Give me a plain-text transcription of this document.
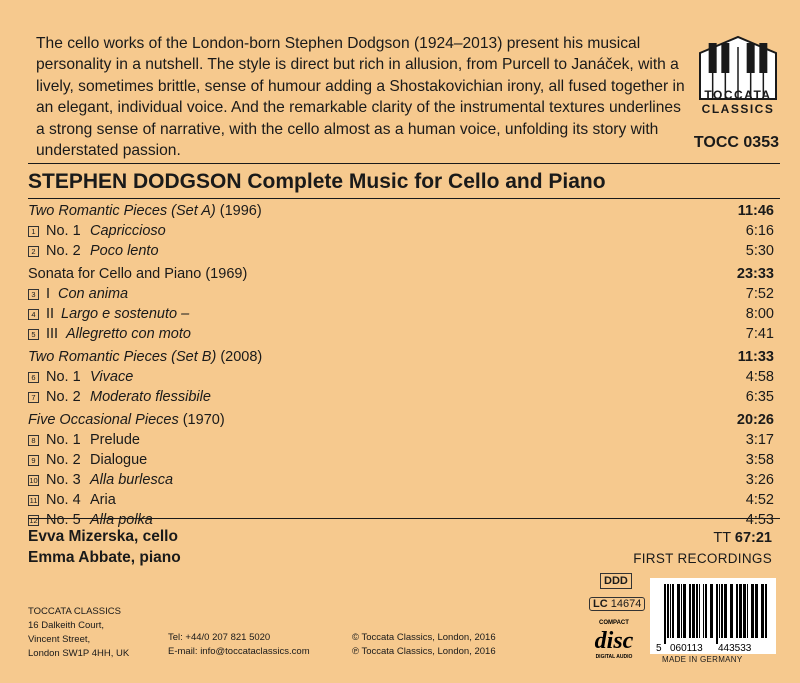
The cello works of the London-born Stephen Dodgson (1924–2013) present his musical personality in a nutshell. The style is direct but rich in allusion, from Purcell to Janáček, with a lively, sometimes brittle, sense of humour adding a Shostakovichian irony, all fused together in an elegant, individual voice. And the remarkable clarity of the instrumental textures underlines a strong sense of narrative, with the cello almost as a human voice, unfolding its story with understated passion.
TOCCATA
CLASSICS
TOCC 0353
STEPHEN DODGSON Complete Music for Cello and Piano
Two Romantic Pieces (Set A) (1996)	11:46
1 No. 1 Capriccioso	6:16
2 No. 2 Poco lento	5:30
Sonata for Cello and Piano (1969)	23:33
3 I Con anima	7:52
4 II Largo e sostenuto –	8:00
5 III Allegretto con moto	7:41
Two Romantic Pieces (Set B) (2008)	11:33
6 No. 1 Vivace	4:58
7 No. 2 Moderato flessibile	6:35
Five Occasional Pieces (1970)	20:26
8 No. 1 Prelude	3:17
9 No. 2 Dialogue	3:58
10 No. 3 Alla burlesca	3:26
11 No. 4 Aria	4:52
12 No. 5 Alla polka	4:53
Evva Mizerska, cello
Emma Abbate, piano
TT 67:21
FIRST RECORDINGS
DDD
LC 14674
COMPACT
disc
DIGITAL AUDIO
5 060113 443533
MADE IN GERMANY
TOCCATA CLASSICS
16 Dalkeith Court,
Vincent Street,
London SW1P 4HH, UK
Tel: +44/0 207 821 5020
E-mail: info@toccataclassics.com
© Toccata Classics, London, 2016
℗ Toccata Classics, London, 2016
